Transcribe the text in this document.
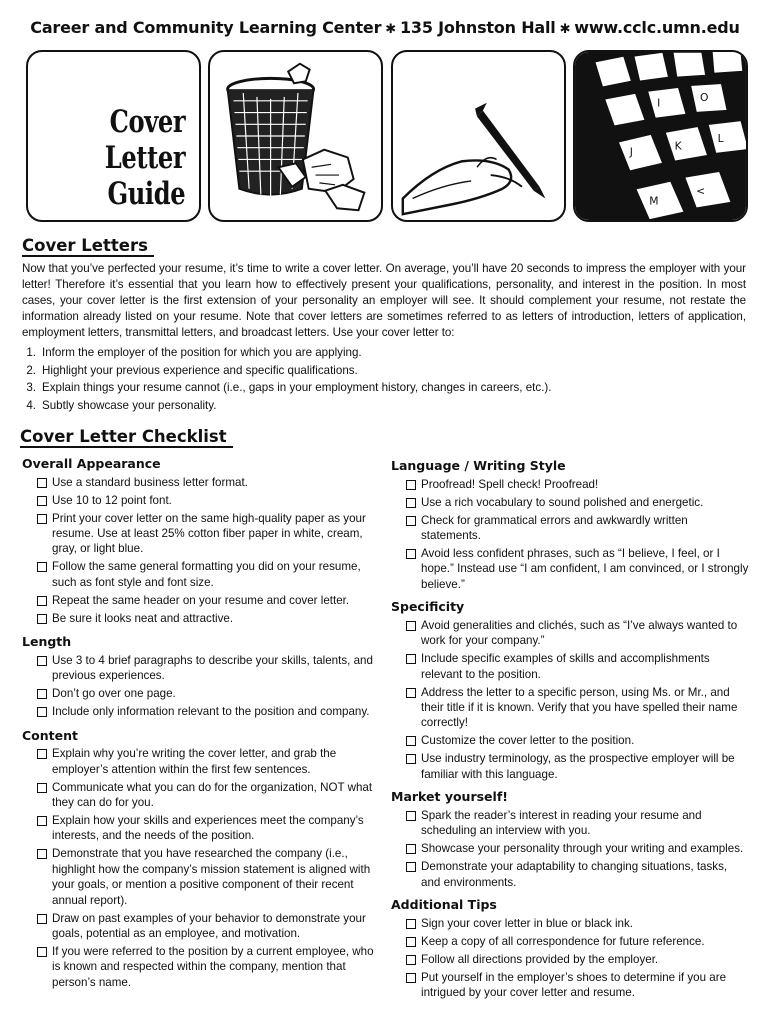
Career and Community Learning Center ✱ 135 Johnston Hall ✱ www.cclc.umn.edu
Cover
Letter
Guide
I	O P
J	K
L
M
<
Cover Letters
Now that you’ve perfected your resume, it’s time to write a cover letter. On average, you’ll have 20 seconds to impress the employer with your letter! Therefore it’s essential that you learn how to effectively present your qualifications, personality, and interest in the position. In most cases, your cover letter is the first extension of your personality an employer will see. It should complement your resume, not restate the information already listed on your resume. Note that cover letters are sometimes referred to as letters of introduction, letters of application, employment letters, transmittal letters, and broadcast letters. Use your cover letter to:
1. Inform the employer of the position for which you are applying.
2. Highlight your previous experience and specific qualifications.
3. Explain things your resume cannot (i.e., gaps in your employment history, changes in careers, etc.).
4. Subtly showcase your personality.
Cover Letter Checklist
Overall Appearance
Use a standard business letter format.
Use 10 to 12 point font.
Print your cover letter on the same high-quality paper as your resume. Use at least 25% cotton fiber paper in white, cream, gray, or light blue.
Follow the same general formatting you did on your resume, such as font style and font size.
Repeat the same header on your resume and cover letter.
Be sure it looks neat and attractive.
Length
Use 3 to 4 brief paragraphs to describe your skills, talents, and previous experiences.
Don’t go over one page.
Include only information relevant to the position and company.
Content
Explain why you’re writing the cover letter, and grab the employer’s attention within the first few sentences.
Communicate what you can do for the organization, NOT what they can do for you.
Explain how your skills and experiences meet the company’s interests, and the needs of the position.
Demonstrate that you have researched the company (i.e., highlight how the company’s mission statement is aligned with your goals, or mention a positive component of their recent annual report).
Draw on past examples of your behavior to demonstrate your goals, potential as an employee, and motivation.
If you were referred to the position by a current employee, who is known and respected within the company, mention that person’s name.
Language / Writing Style
Proofread! Spell check! Proofread!
Use a rich vocabulary to sound polished and energetic.
Check for grammatical errors and awkwardly written statements.
Avoid less confident phrases, such as “I believe, I feel, or I hope.” Instead use “I am confident, I am convinced, or I strongly believe.”
Specificity
Avoid generalities and clichés, such as “I’ve always wanted to work for your company.”
Include specific examples of skills and accomplishments relevant to the position.
Address the letter to a specific person, using Ms. or Mr., and their title if it is known. Verify that you have spelled their name correctly!
Customize the cover letter to the position.
Use industry terminology, as the prospective employer will be familiar with this language.
Market yourself!
Spark the reader’s interest in reading your resume and scheduling an interview with you.
Showcase your personality through your writing and examples.
Demonstrate your adaptability to changing situations, tasks, and environments.
Additional Tips
Sign your cover letter in blue or black ink.
Keep a copy of all correspondence for future reference.
Follow all directions provided by the employer.
Put yourself in the employer’s shoes to determine if you are intrigued by your cover letter and resume.
